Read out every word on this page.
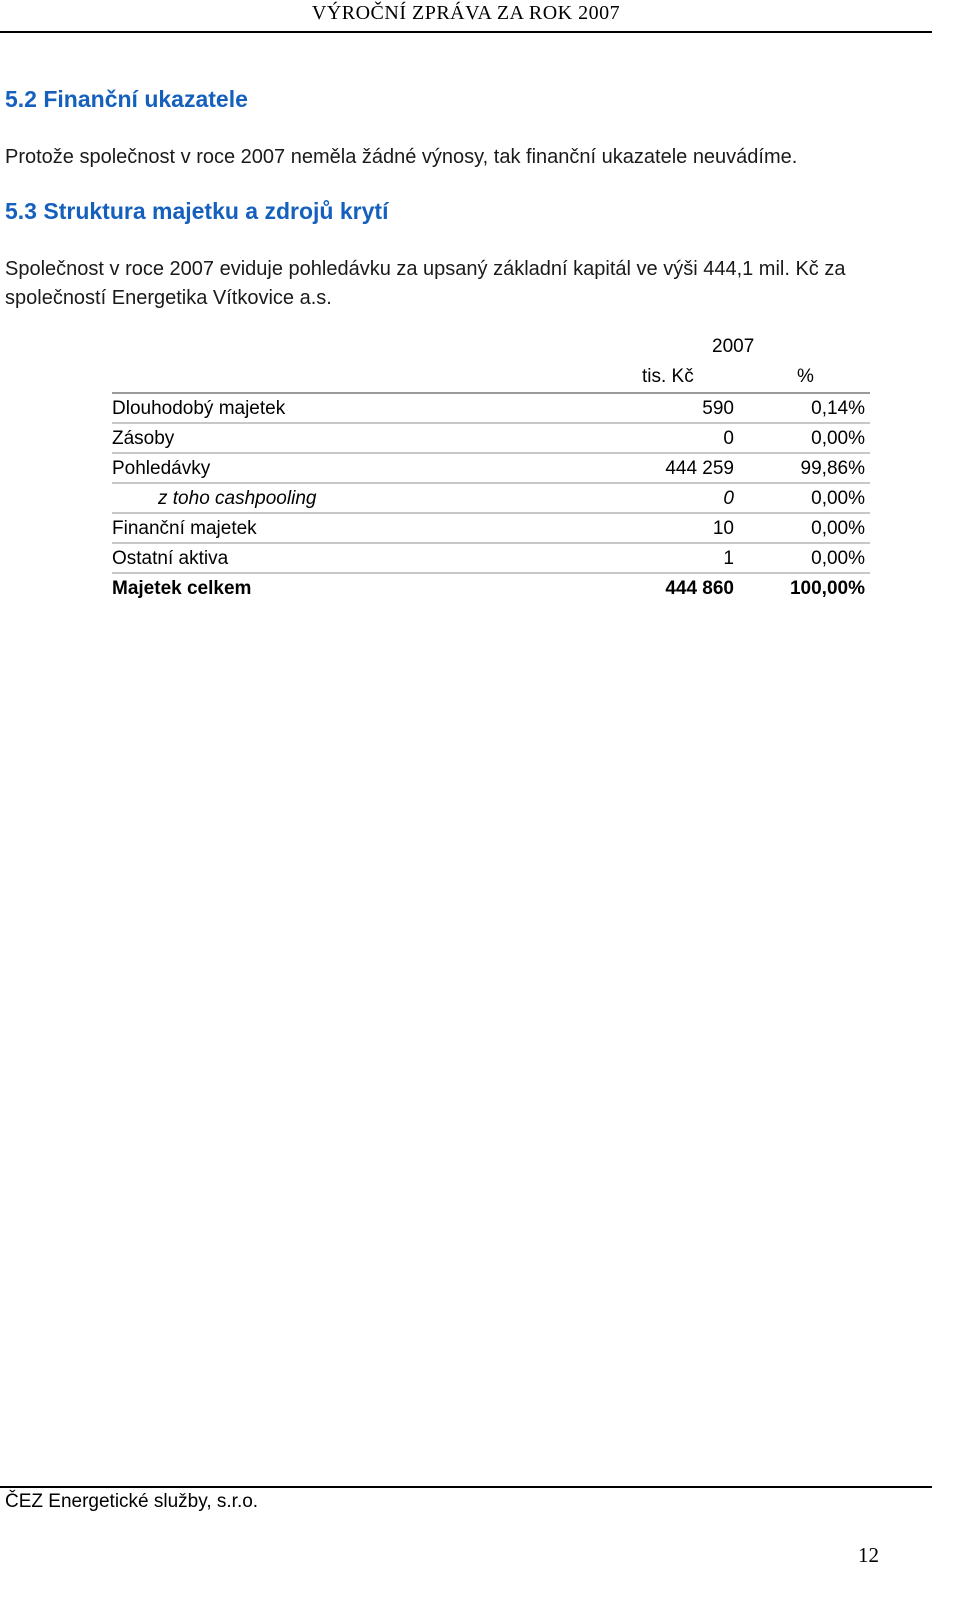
VÝROČNÍ ZPRÁVA ZA ROK 2007
5.2 Finanční ukazatele
Protože společnost v roce 2007 neměla žádné výnosy, tak finanční ukazatele neuvádíme.
5.3 Struktura majetku a zdrojů krytí
Společnost v roce 2007 eviduje pohledávku za upsaný základní kapitál ve výši 444,1 mil. Kč za společností Energetika Vítkovice a.s.
2007
tis. Kč	%
Dlouhodobý majetek	590	0,14%
Zásoby	0	0,00%
Pohledávky	444 259	99,86%
z toho cashpooling	0	0,00%
Finanční majetek	10	0,00%
Ostatní aktiva	1	0,00%
Majetek celkem	444 860	100,00%
ČEZ Energetické služby, s.r.o.
12
